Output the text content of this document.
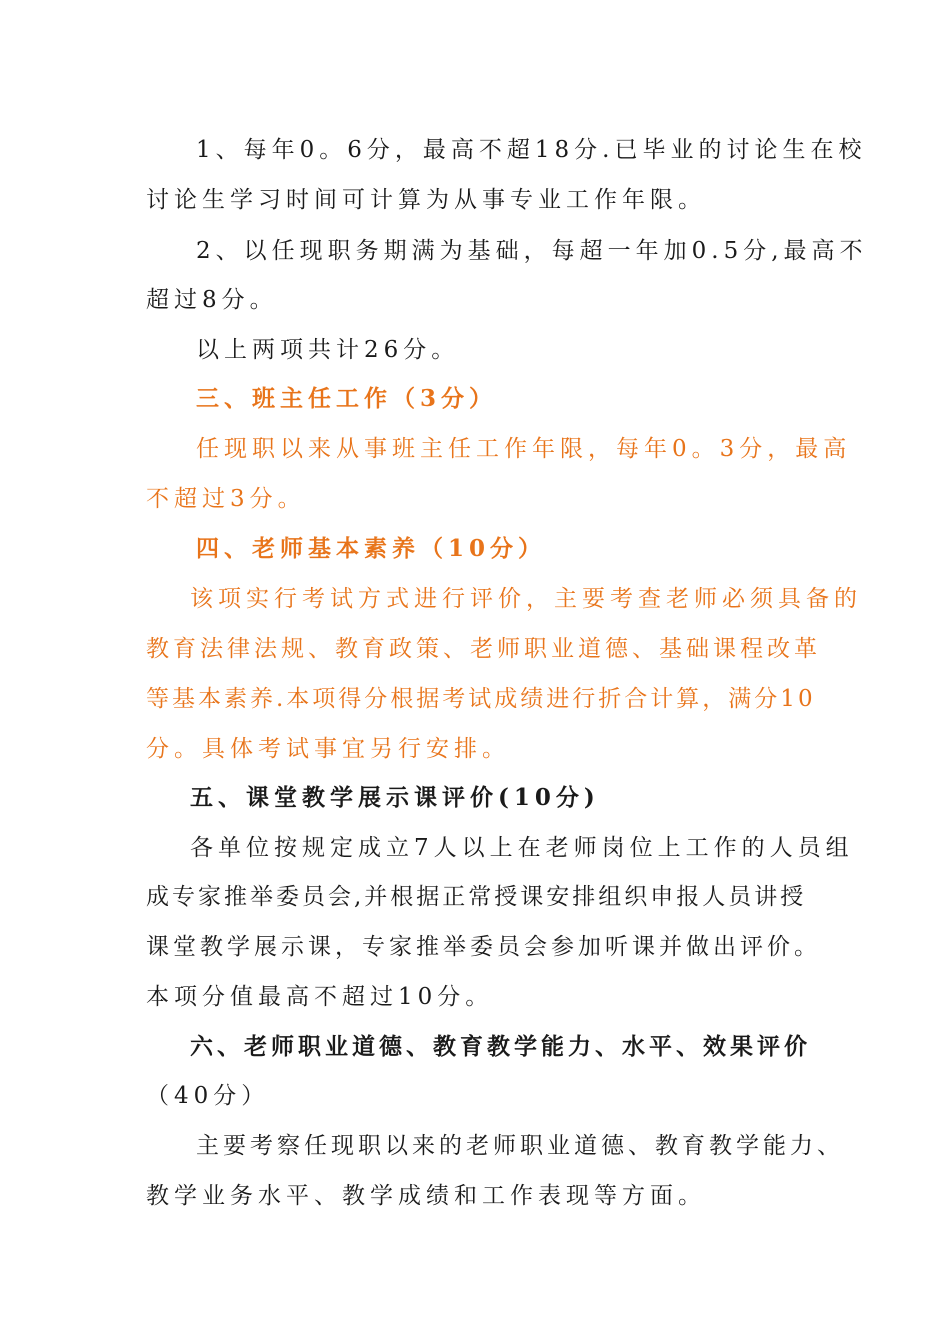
1、每年0。6分，最高不超18分.已毕业的讨论生在校
讨论生学习时间可计算为从事专业工作年限。
2、以任现职务期满为基础，每超一年加0.5分,最高不
超过8分。
以上两项共计26分。
三、班主任工作（3分）
任现职以来从事班主任工作年限，每年0。3分，最高
不超过3分。
四、老师基本素养（10分）
该项实行考试方式进行评价，主要考查老师必须具备的
教育法律法规、教育政策、老师职业道德、基础课程改革
等基本素养.本项得分根据考试成绩进行折合计算，满分10
分。具体考试事宜另行安排。
五、课堂教学展示课评价(10分)
各单位按规定成立7人以上在老师岗位上工作的人员组
成专家推举委员会,并根据正常授课安排组织申报人员讲授
课堂教学展示课，专家推举委员会参加听课并做出评价。
本项分值最高不超过10分。
六、老师职业道德、教育教学能力、水平、效果评价
（40分）
主要考察任现职以来的老师职业道德、教育教学能力、
教学业务水平、教学成绩和工作表现等方面。
